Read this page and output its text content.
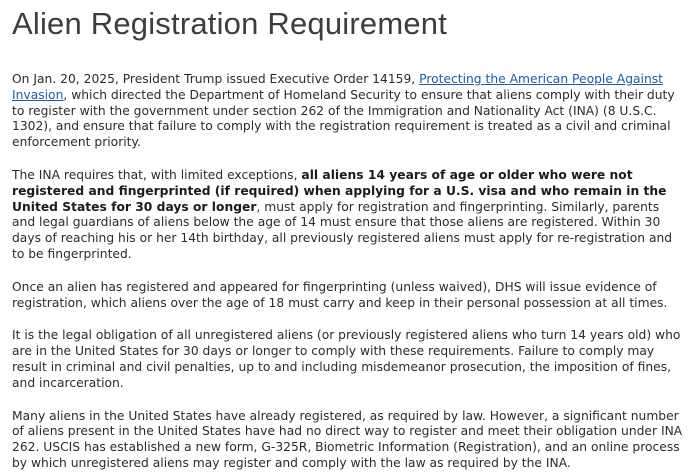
Alien Registration Requirement

On Jan. 20, 2025, President Trump issued Executive Order 14159, Protecting the American People Against Invasion, which directed the Department of Homeland Security to ensure that aliens comply with their duty to register with the government under section 262 of the Immigration and Nationality Act (INA) (8 U.S.C. 1302), and ensure that failure to comply with the registration requirement is treated as a civil and criminal enforcement priority.

The INA requires that, with limited exceptions, all aliens 14 years of age or older who were not registered and fingerprinted (if required) when applying for a U.S. visa and who remain in the United States for 30 days or longer, must apply for registration and fingerprinting. Similarly, parents and legal guardians of aliens below the age of 14 must ensure that those aliens are registered. Within 30 days of reaching his or her 14th birthday, all previously registered aliens must apply for re-registration and to be fingerprinted.

Once an alien has registered and appeared for fingerprinting (unless waived), DHS will issue evidence of registration, which aliens over the age of 18 must carry and keep in their personal possession at all times.

It is the legal obligation of all unregistered aliens (or previously registered aliens who turn 14 years old) who are in the United States for 30 days or longer to comply with these requirements. Failure to comply may result in criminal and civil penalties, up to and including misdemeanor prosecution, the imposition of fines, and incarceration.

Many aliens in the United States have already registered, as required by law. However, a significant number of aliens present in the United States have had no direct way to register and meet their obligation under INA 262. USCIS has established a new form, G-325R, Biometric Information (Registration), and an online process by which unregistered aliens may register and comply with the law as required by the INA.
